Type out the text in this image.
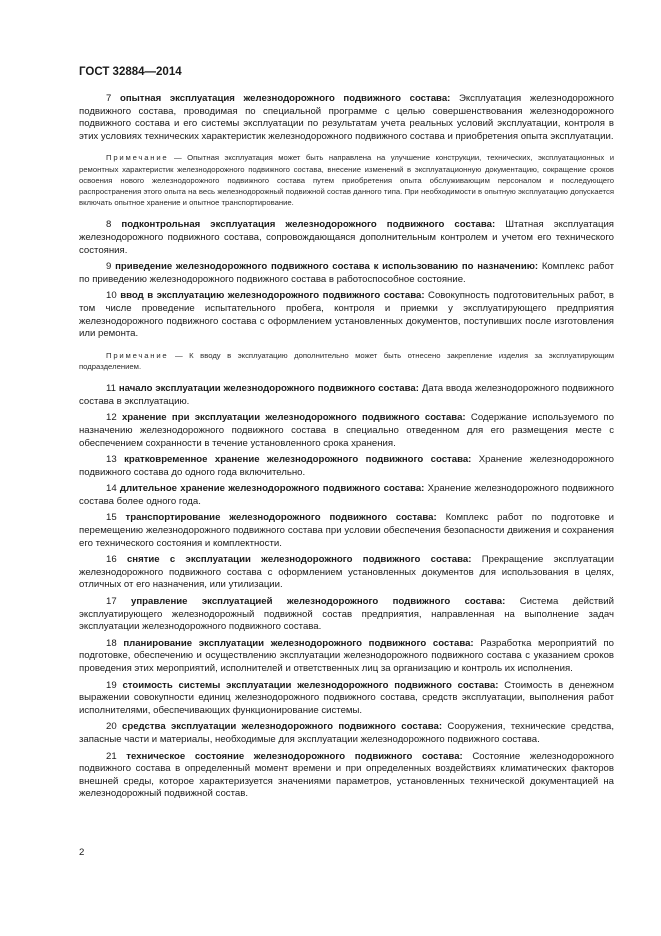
ГОСТ 32884—2014

7 опытная эксплуатация железнодорожного подвижного состава: Эксплуатация железнодорожного подвижного состава, проводимая по специальной программе с целью совершенствования железнодорожного подвижного состава и его системы эксплуатации по результатам учета реальных условий эксплуатации, контроля в этих условиях технических характеристик железнодорожного подвижного состава и приобретения опыта эксплуатации.

Примечание — Опытная эксплуатация может быть направлена на улучшение конструкции, технических, эксплуатационных и ремонтных характеристик железнодорожного подвижного состава, внесение изменений в эксплуатационную документацию, сокращение сроков освоения нового железнодорожного подвижного состава путем приобретения опыта обслуживающим персоналом и последующего распространения этого опыта на весь железнодорожный подвижной состав данного типа. При необходимости в опытную эксплуатацию допускается включать опытное хранение и опытное транспортирование.

8 подконтрольная эксплуатация железнодорожного подвижного состава: Штатная эксплуатация железнодорожного подвижного состава, сопровождающаяся дополнительным контролем и учетом его технического состояния.

9 приведение железнодорожного подвижного состава к использованию по назначению: Комплекс работ по приведению железнодорожного подвижного состава в работоспособное состояние.

10 ввод в эксплуатацию железнодорожного подвижного состава: Совокупность подготовительных работ, в том числе проведение испытательного пробега, контроля и приемки у эксплуатирующего предприятия железнодорожного подвижного состава с оформлением установленных документов, поступивших после изготовления или ремонта.

Примечание — К вводу в эксплуатацию дополнительно может быть отнесено закрепление изделия за эксплуатирующим подразделением.

11 начало эксплуатации железнодорожного подвижного состава: Дата ввода железнодорожного подвижного состава в эксплуатацию.

12 хранение при эксплуатации железнодорожного подвижного состава: Содержание используемого по назначению железнодорожного подвижного состава в специально отведенном для его размещения месте с обеспечением сохранности в течение установленного срока хранения.

13 кратковременное хранение железнодорожного подвижного состава: Хранение железнодорожного подвижного состава до одного года включительно.

14 длительное хранение железнодорожного подвижного состава: Хранение железнодорожного подвижного состава более одного года.

15 транспортирование железнодорожного подвижного состава: Комплекс работ по подготовке и перемещению железнодорожного подвижного состава при условии обеспечения безопасности движения и сохранения его технического состояния и комплектности.

16 снятие с эксплуатации железнодорожного подвижного состава: Прекращение эксплуатации железнодорожного подвижного состава с оформлением установленных документов для использования в целях, отличных от его назначения, или утилизации.

17 управление эксплуатацией железнодорожного подвижного состава: Система действий эксплуатирующего железнодорожный подвижной состав предприятия, направленная на выполнение задач эксплуатации железнодорожного подвижного состава.

18 планирование эксплуатации железнодорожного подвижного состава: Разработка мероприятий по подготовке, обеспечению и осуществлению эксплуатации железнодорожного подвижного состава с указанием сроков проведения этих мероприятий, исполнителей и ответственных лиц за организацию и контроль их исполнения.

19 стоимость системы эксплуатации железнодорожного подвижного состава: Стоимость в денежном выражении совокупности единиц железнодорожного подвижного состава, средств эксплуатации, выполнения работ исполнителями, обеспечивающих функционирование системы.

20 средства эксплуатации железнодорожного подвижного состава: Сооружения, технические средства, запасные части и материалы, необходимые для эксплуатации железнодорожного подвижного состава.

21 техническое состояние железнодорожного подвижного состава: Состояние железнодорожного подвижного состава в определенный момент времени и при определенных воздействиях климатических факторов внешней среды, которое характеризуется значениями параметров, установленных технической документацией на железнодорожный подвижной состав.

2
